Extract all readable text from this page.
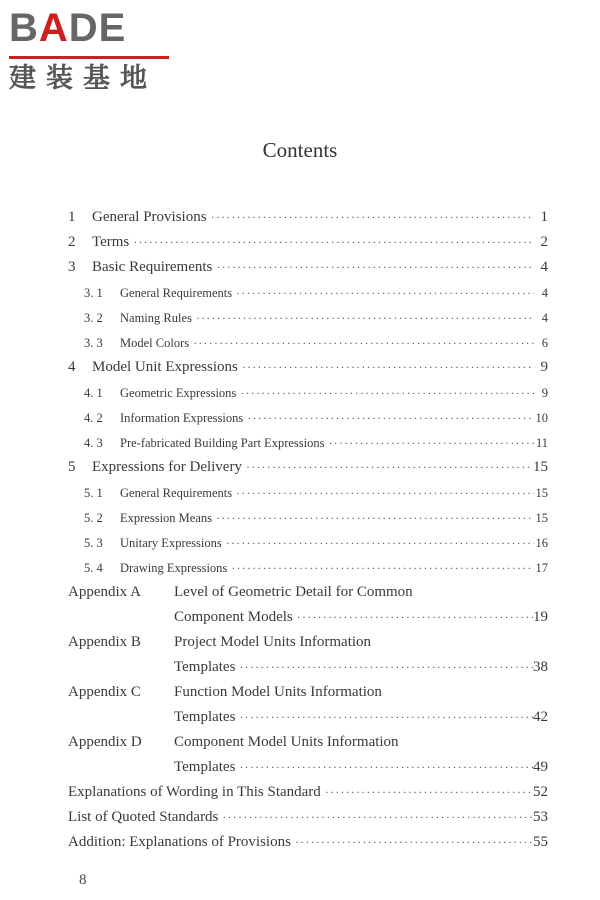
BADE
建装基地
Contents
1	General Provisions ·····	1
2	Terms ·····	2
3	Basic Requirements ·····	4
3. 1	General Requirements ·····	4
3. 2	Naming Rules ·····	4
3. 3	Model Colors ·····	6
4	Model Unit Expressions ·····	9
4. 1	Geometric Expressions ·····	9
4. 2	Information Expressions ·····	10
4. 3	Pre-fabricated Building Part Expressions ·····	11
5	Expressions for Delivery ·····	15
5. 1	General Requirements ·····	15
5. 2	Expression Means ·····	15
5. 3	Unitary Expressions ·····	16
5. 4	Drawing Expressions ·····	17
Appendix A	Level of Geometric Detail for Common
Component Models ·····	19
Appendix B	Project Model Units Information
Templates ·····	38
Appendix C	Function Model Units Information
Templates ·····	42
Appendix D	Component Model Units Information
Templates ·····	49
Explanations of Wording in This Standard ·····	52
List of Quoted Standards ·····	53
Addition: Explanations of Provisions ·····	55
8
